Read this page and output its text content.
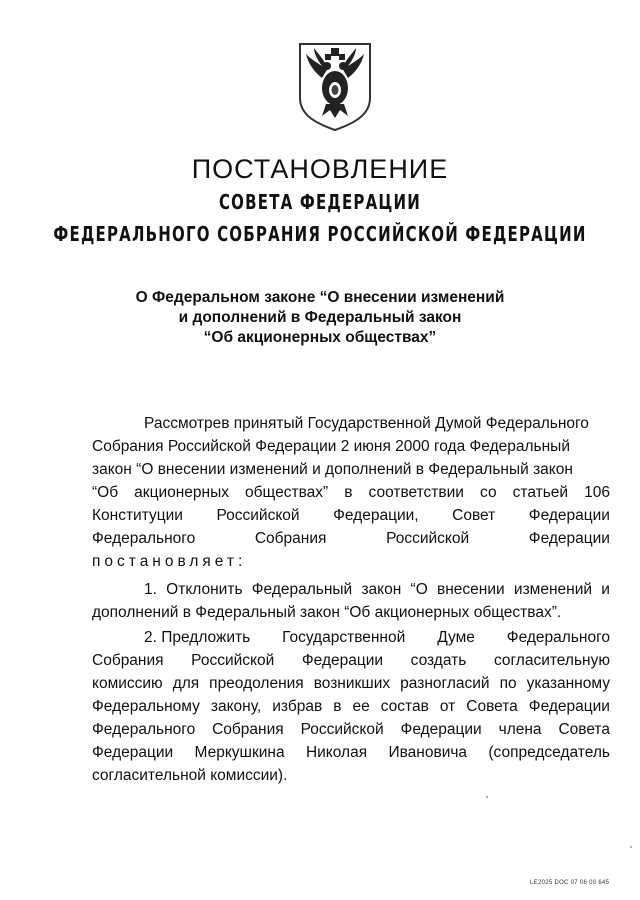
ПОСТАНОВЛЕНИЕ
СОВЕТА ФЕДЕРАЦИИ
ФЕДЕРАЛЬНОГО СОБРАНИЯ РОССИЙСКОЙ ФЕДЕРАЦИИ
О Федеральном законе “О внесении изменений
и дополнений в Федеральный закон
“Об акционерных обществах”
Рассмотрев принятый Государственной Думой Федерального
Собрания Российской Федерации 2 июня 2000 года Федеральный
закон “О внесении изменений и дополнений в Федеральный закон
“Об акционерных обществах” в соответствии со статьей 106
Конституции Российской Федерации, Совет Федерации
Федерального	Собрания	Российской	Федерации
постановляет:
1. Отклонить Федеральный закон “О внесении изменений и
дополнений в Федеральный закон “Об акционерных обществах”.
2. Предложить Государственной Думе Федерального
Собрания Российской Федерации создать согласительную
комиссию для преодоления возникших разногласий по указанному
Федеральному закону, избрав в ее состав от Совета Федерации
Федерального Собрания Российской Федерации члена Совета
Федерации Меркушкина Николая Ивановича (сопредседатель
согласительной комиссии).
LE2025 DOC 07 06 00 645
